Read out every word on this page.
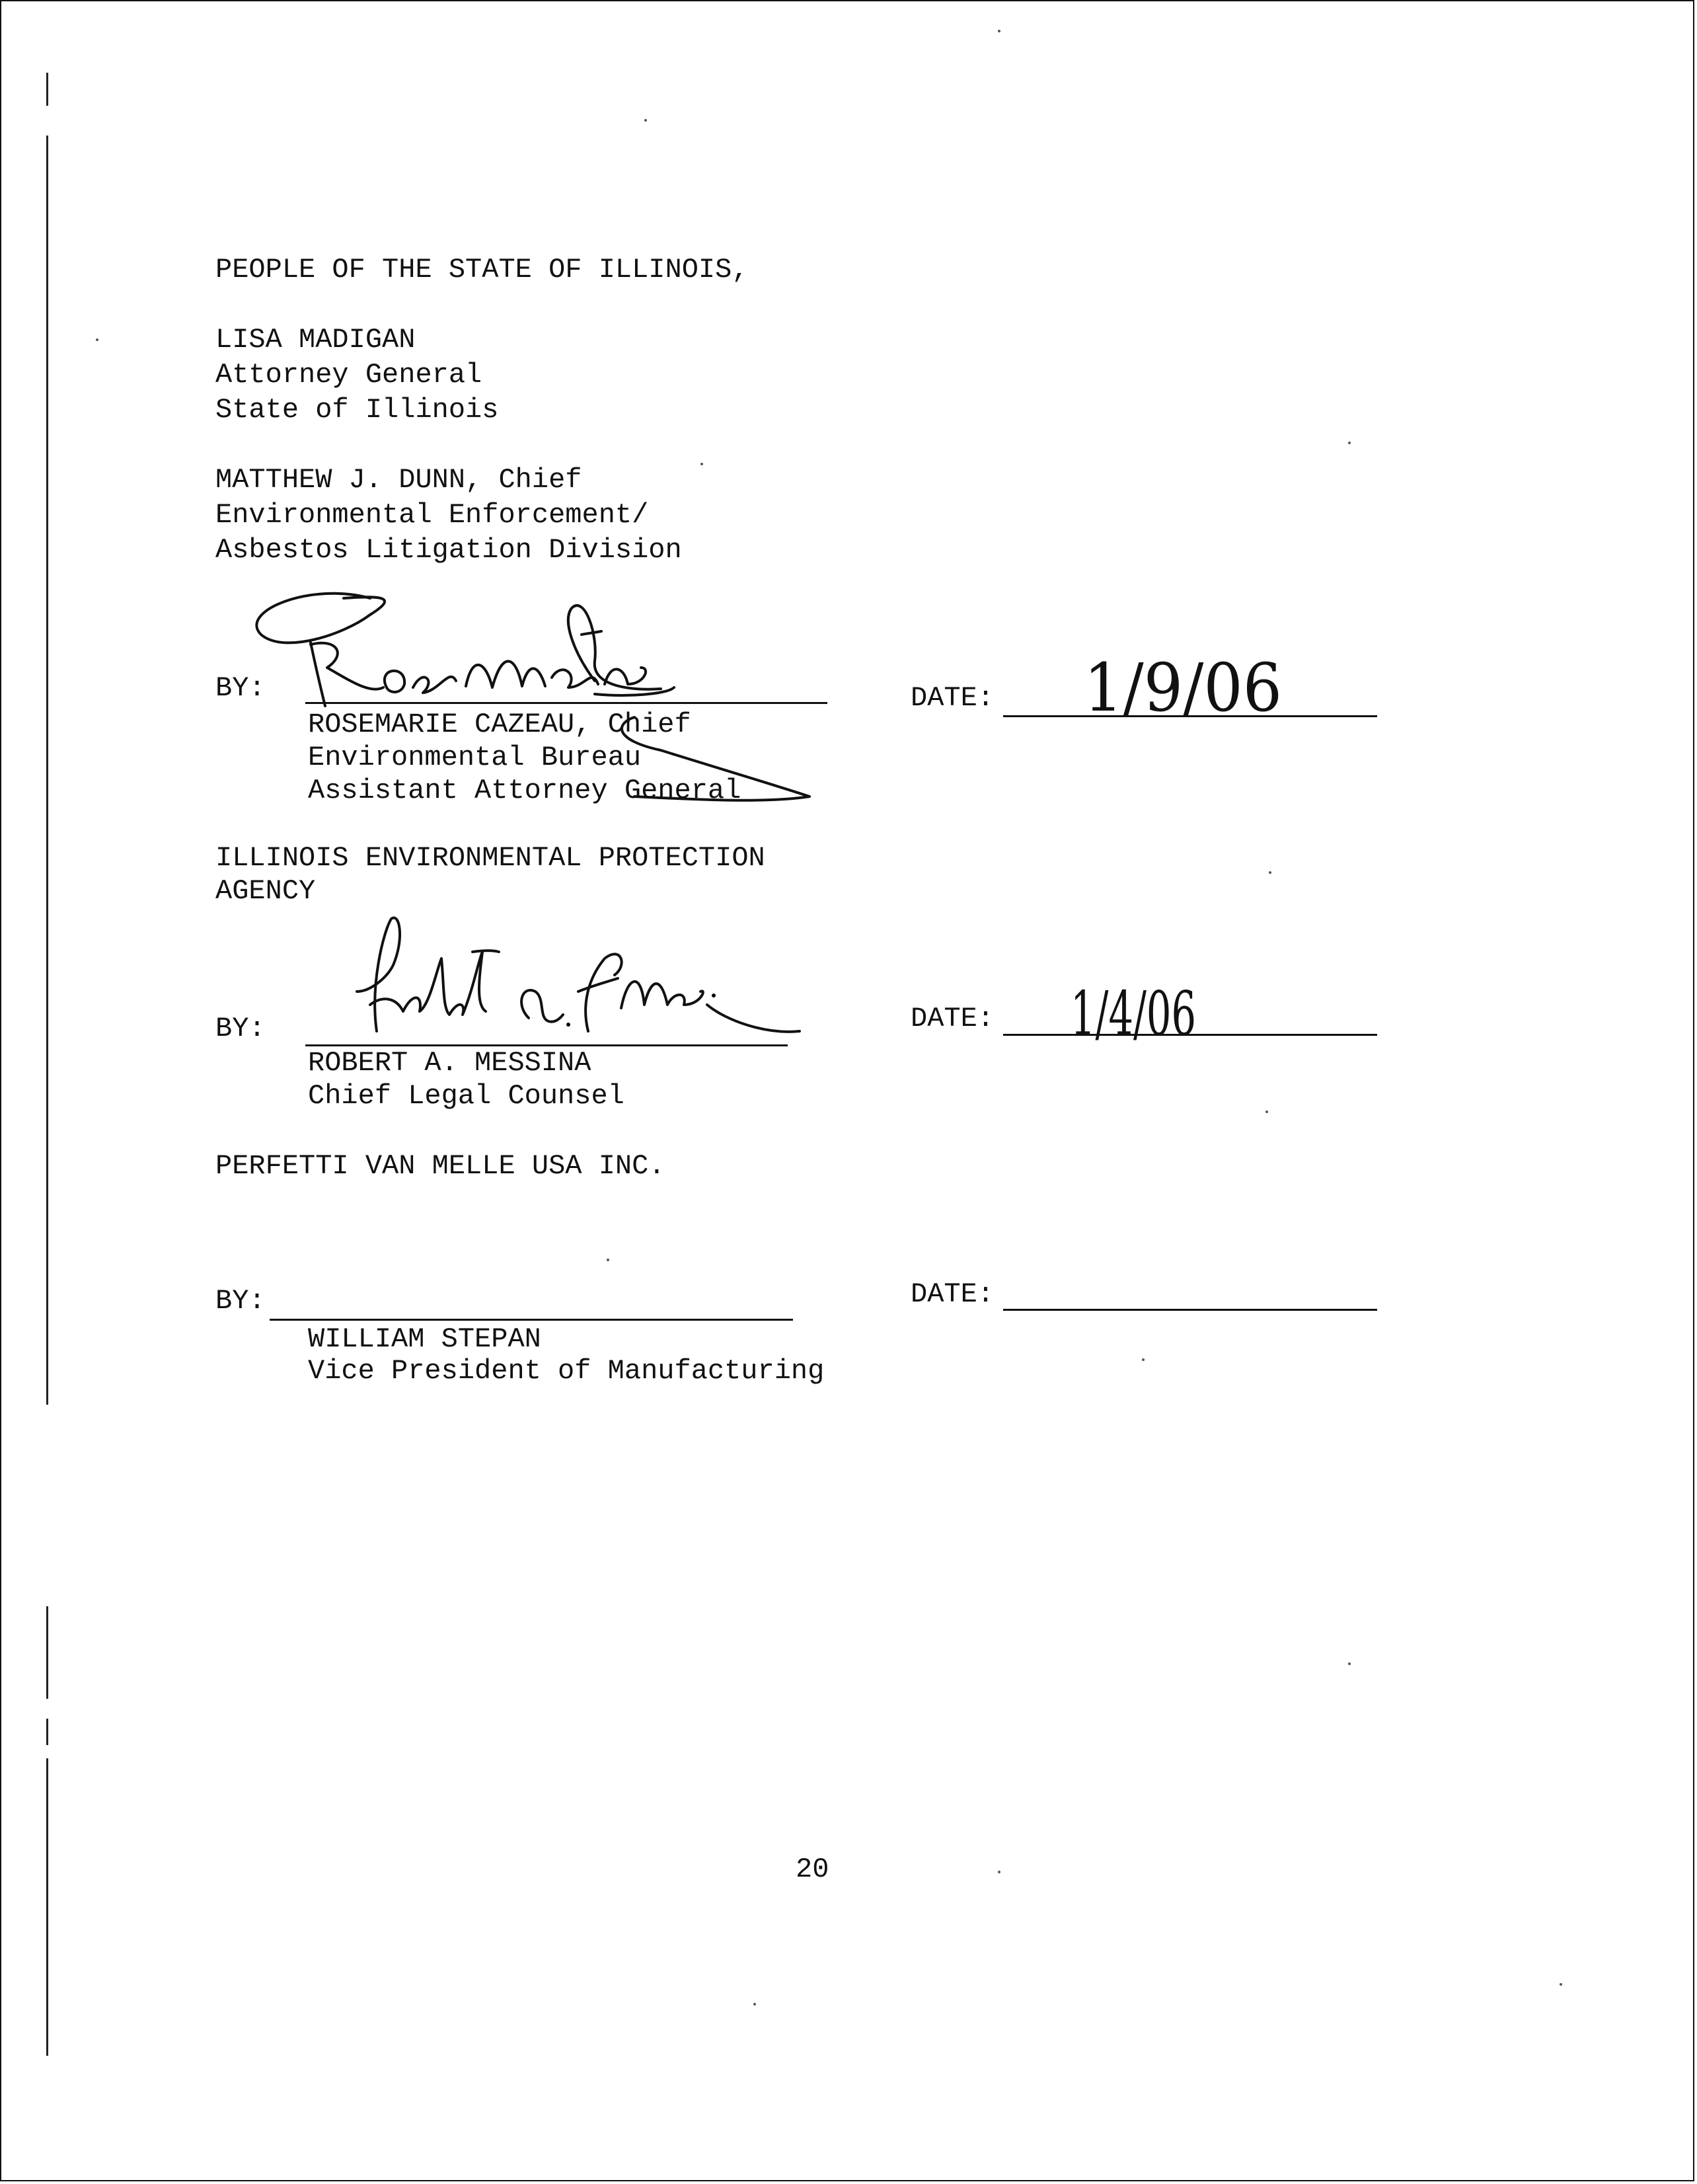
PEOPLE OF THE STATE OF ILLINOIS,

LISA MADIGAN

Attorney General

State of Illinois

MATTHEW J. DUNN, Chief

Environmental Enforcement/

Asbestos Litigation Division

BY:

ROSEMARIE CAZEAU, Chief

Environmental Bureau

Assistant Attorney General

DATE:

ILLINOIS ENVIRONMENTAL PROTECTION

AGENCY

BY:

ROBERT A. MESSINA

Chief Legal Counsel

DATE:

PERFETTI VAN MELLE USA INC.

BY:

WILLIAM STEPAN

Vice President of Manufacturing

DATE:

20

1/9/06
1/4/06
